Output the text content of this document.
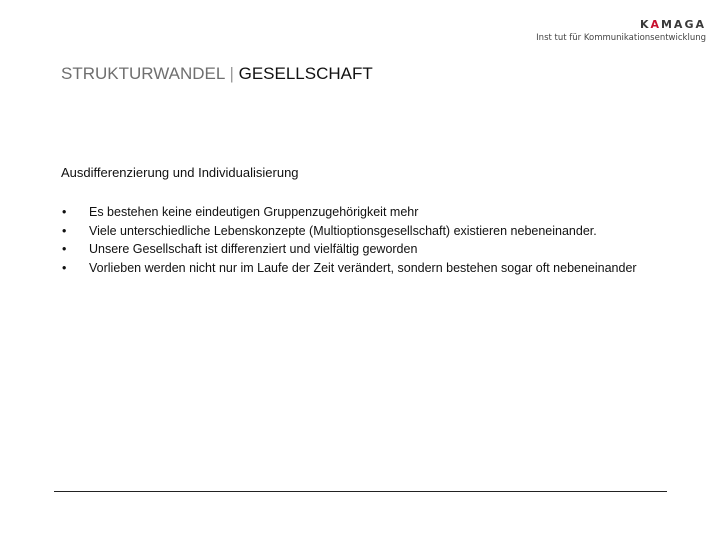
KAMAGA
Inst tut für Kommunikationsentwicklung
STRUKTURWANDEL | GESELLSCHAFT
Ausdifferenzierung und Individualisierung
•	Es bestehen keine eindeutigen Gruppenzugehörigkeit mehr
•	Viele unterschiedliche Lebenskonzepte (Multioptionsgesellschaft) existieren nebeneinander.
•	Unsere Gesellschaft ist differenziert und vielfältig geworden
•	Vorlieben werden nicht nur im Laufe der Zeit verändert, sondern bestehen sogar oft nebeneinander
